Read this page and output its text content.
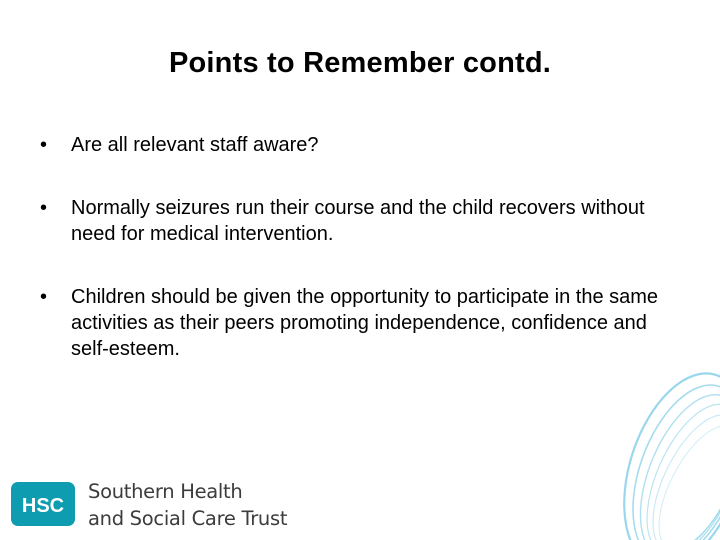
Points to Remember contd.
•	Are all relevant staff aware?
•	Normally seizures run their course and the child recovers without need for medical intervention.
•	Children should be given the opportunity to participate in the same activities as their peers promoting independence, confidence and self-esteem.
HSC
Southern Health
and Social Care Trust
